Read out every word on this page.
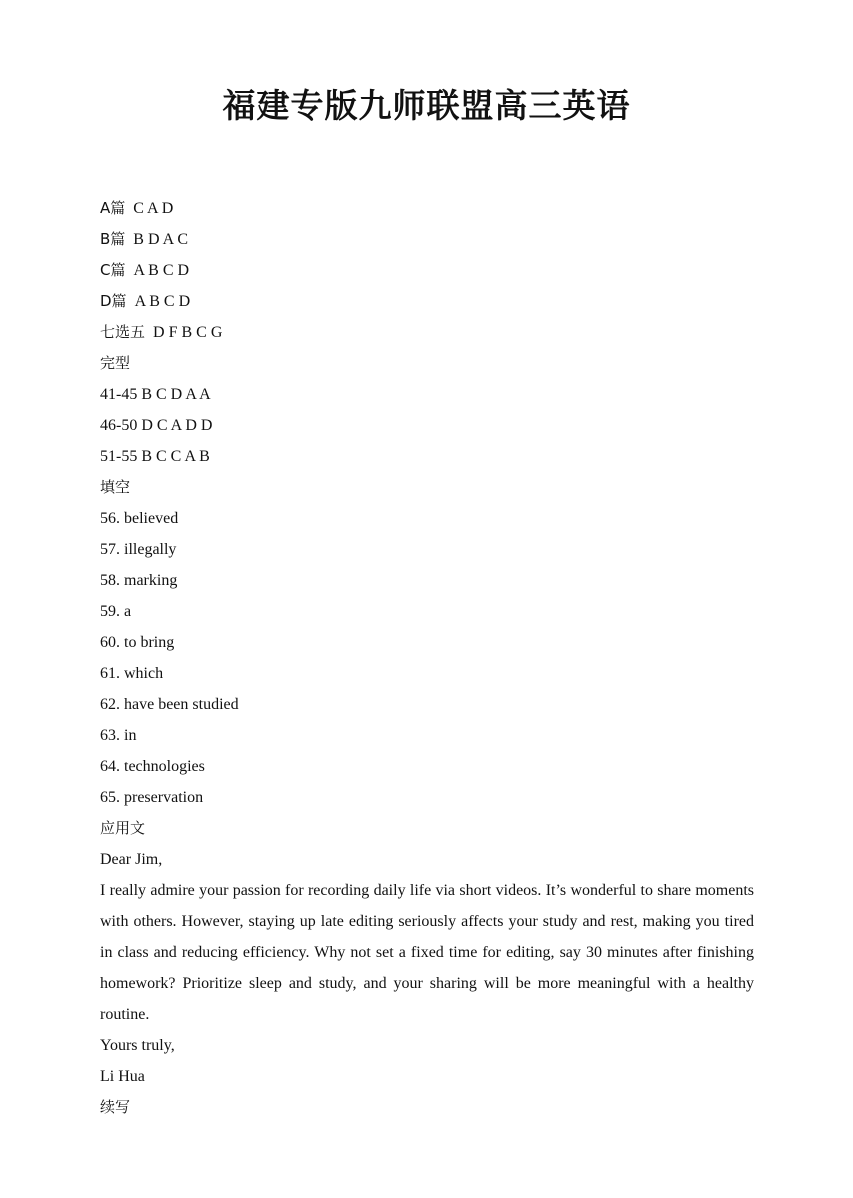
福建专版九师联盟高三英语
A篇 C A D
B篇 B D A C
C篇 A B C D
D篇 A B C D
七选五 D F B C G
完型
41-45 B C D A A
46-50 D C A D D
51-55 B C C A B
填空
56. believed
57. illegally
58. marking
59. a
60. to bring
61. which
62. have been studied
63. in
64. technologies
65. preservation
应用文
Dear Jim,

I really admire your passion for recording daily life via short videos. It’s wonderful to share moments with others. However, staying up late editing seriously affects your study and rest, making you tired in class and reducing efficiency. Why not set a fixed time for editing, say 30 minutes after finishing homework? Prioritize sleep and study, and your sharing will be more meaningful with a healthy routine.

Yours truly,
Li Hua
续写
